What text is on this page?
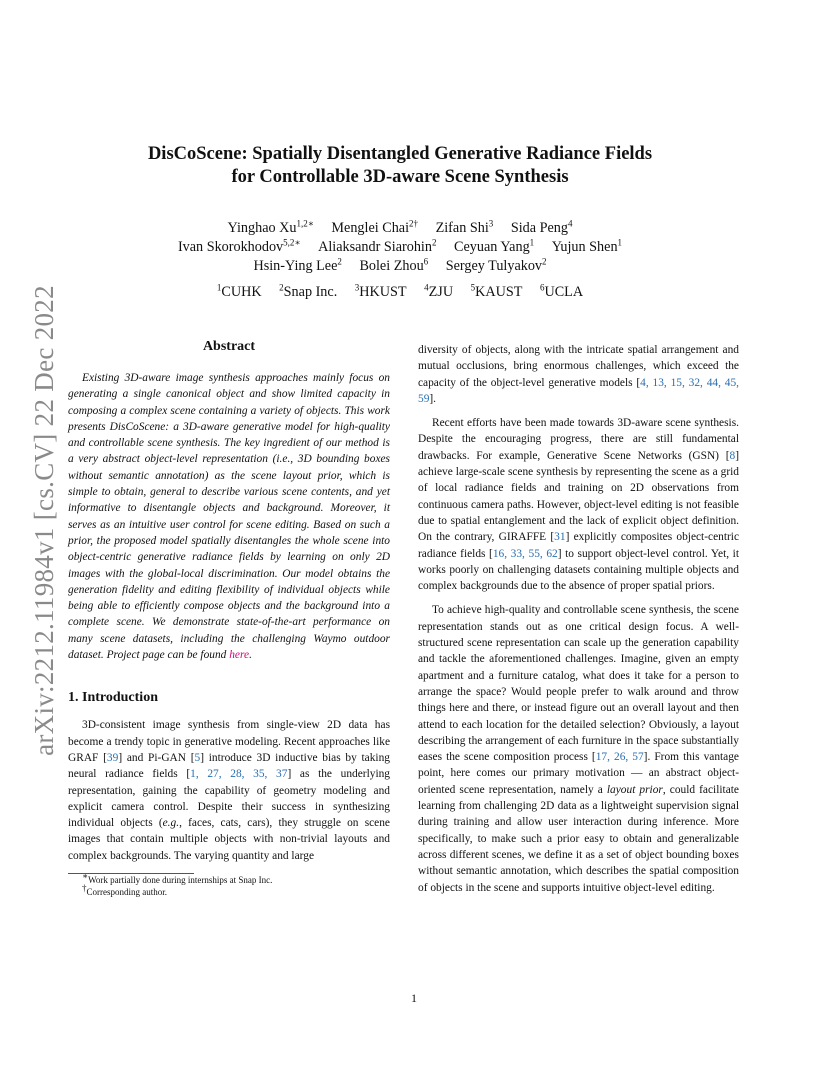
arXiv:2212.11984v1 [cs.CV] 22 Dec 2022
DisCoScene: Spatially Disentangled Generative Radiance Fields
for Controllable 3D-aware Scene Synthesis
Yinghao $Xu^{1,2∗}$ Menglei Chai$^{2\dagger}$ Zifan Shi$^3$ Sida Peng$^4$
Ivan Skorokhodov$^{5,2∗}$ Aliaksandr Siarohin$^2$ Ceyuan Yang$^1$ Yujun Shen$^1$
Hsin-Ying Lee$^2$ Bolei Zhou$^6$ Sergey Tulyakov$^2$
$^1$CUHK $^2$Snap Inc. $^3$HKUST $^4$ZJU $^5$KAUST $^6$UCLA
Abstract

Existing 3D-aware image synthesis approaches mainly focus on generating a single canonical object and show limited capacity in composing a complex scene containing a variety of objects. This work presents DisCoScene: a 3D-aware generative model for high-quality and controllable scene synthesis. The key ingredient of our method is a very abstract object-level representation (i.e., 3D bounding boxes without semantic annotation) as the scene layout prior, which is simple to obtain, general to describe various scene contents, and yet informative to disentangle objects and background. Moreover, it serves as an intuitive user control for scene editing. Based on such a prior, the proposed model spatially disentangles the whole scene into object-centric generative radiance fields by learning on only 2D images with the global-local discrimination. Our model obtains the generation fidelity and editing flexibility of individual objects while being able to efficiently compose objects and the background into a complete scene. We demonstrate state-of-the-art performance on many scene datasets, including the challenging Waymo outdoor dataset. Project page can be found here.

1. Introduction

3D-consistent image synthesis from single-view 2D data has become a trendy topic in generative modeling. Recent approaches like GRAF [39] and Pi-GAN [5] introduce 3D inductive bias by taking neural radiance fields [1, 27, 28, 35, 37] as the underlying representation, gaining the capability of geometry modeling and explicit camera control. Despite their success in synthesizing individual objects (e.g., faces, cats, cars), they struggle on scene images that contain multiple objects with non-trivial layouts and complex backgrounds. The varying quantity and large

∗Work partially done during internships at Snap Inc.
†Corresponding author.

diversity of objects, along with the intricate spatial arrangement and mutual occlusions, bring enormous challenges, which exceed the capacity of the object-level generative models [4, 13, 15, 32, 44, 45, 59].

Recent efforts have been made towards 3D-aware scene synthesis. Despite the encouraging progress, there are still fundamental drawbacks. For example, Generative Scene Networks (GSN) [8] achieve large-scale scene synthesis by representing the scene as a grid of local radiance fields and training on 2D observations from continuous camera paths. However, object-level editing is not feasible due to spatial entanglement and the lack of explicit object definition. On the contrary, GIRAFFE [31] explicitly composites object-centric radiance fields [16, 33, 55, 62] to support object-level control. Yet, it works poorly on challenging datasets containing multiple objects and complex backgrounds due to the absence of proper spatial priors.

To achieve high-quality and controllable scene synthesis, the scene representation stands out as one critical design focus. A well-structured scene representation can scale up the generation capability and tackle the aforementioned challenges. Imagine, given an empty apartment and a furniture catalog, what does it take for a person to arrange the space? Would people prefer to walk around and throw things here and there, or instead figure out an overall layout and then attend to each location for the detailed selection? Obviously, a layout describing the arrangement of each furniture in the space substantially eases the scene composition process [17, 26, 57]. From this vantage point, here comes our primary motivation — an abstract object-oriented scene representation, namely a layout prior, could facilitate learning from challenging 2D data as a lightweight supervision signal during training and allow user interaction during inference. More specifically, to make such a prior easy to obtain and generalizable across different scenes, we define it as a set of object bounding boxes without semantic annotation, which describes the spatial composition of objects in the scene and supports intuitive object-level editing.

1
